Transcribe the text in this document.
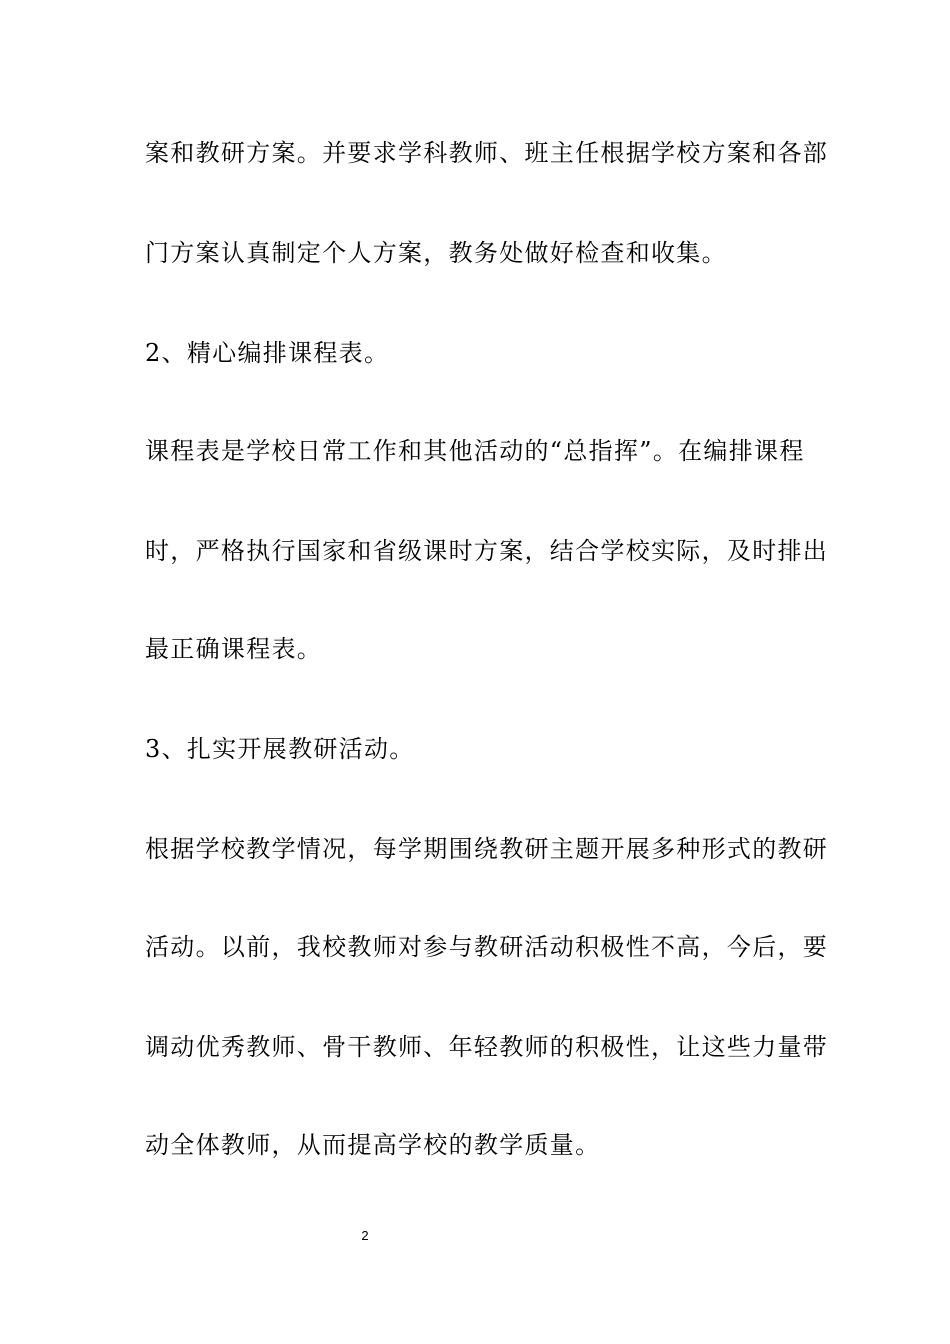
案和教研方案。并要求学科教师、班主任根据学校方案和各部
门方案认真制定个人方案，教务处做好检查和收集。
2、精心编排课程表。
课程表是学校日常工作和其他活动的“总指挥”。在编排课程
时，严格执行国家和省级课时方案，结合学校实际，及时排出
最正确课程表。
3、扎实开展教研活动。
根据学校教学情况，每学期围绕教研主题开展多种形式的教研
活动。以前，我校教师对参与教研活动积极性不高，今后，要
调动优秀教师、骨干教师、年轻教师的积极性，让这些力量带
动全体教师，从而提高学校的教学质量。
2
